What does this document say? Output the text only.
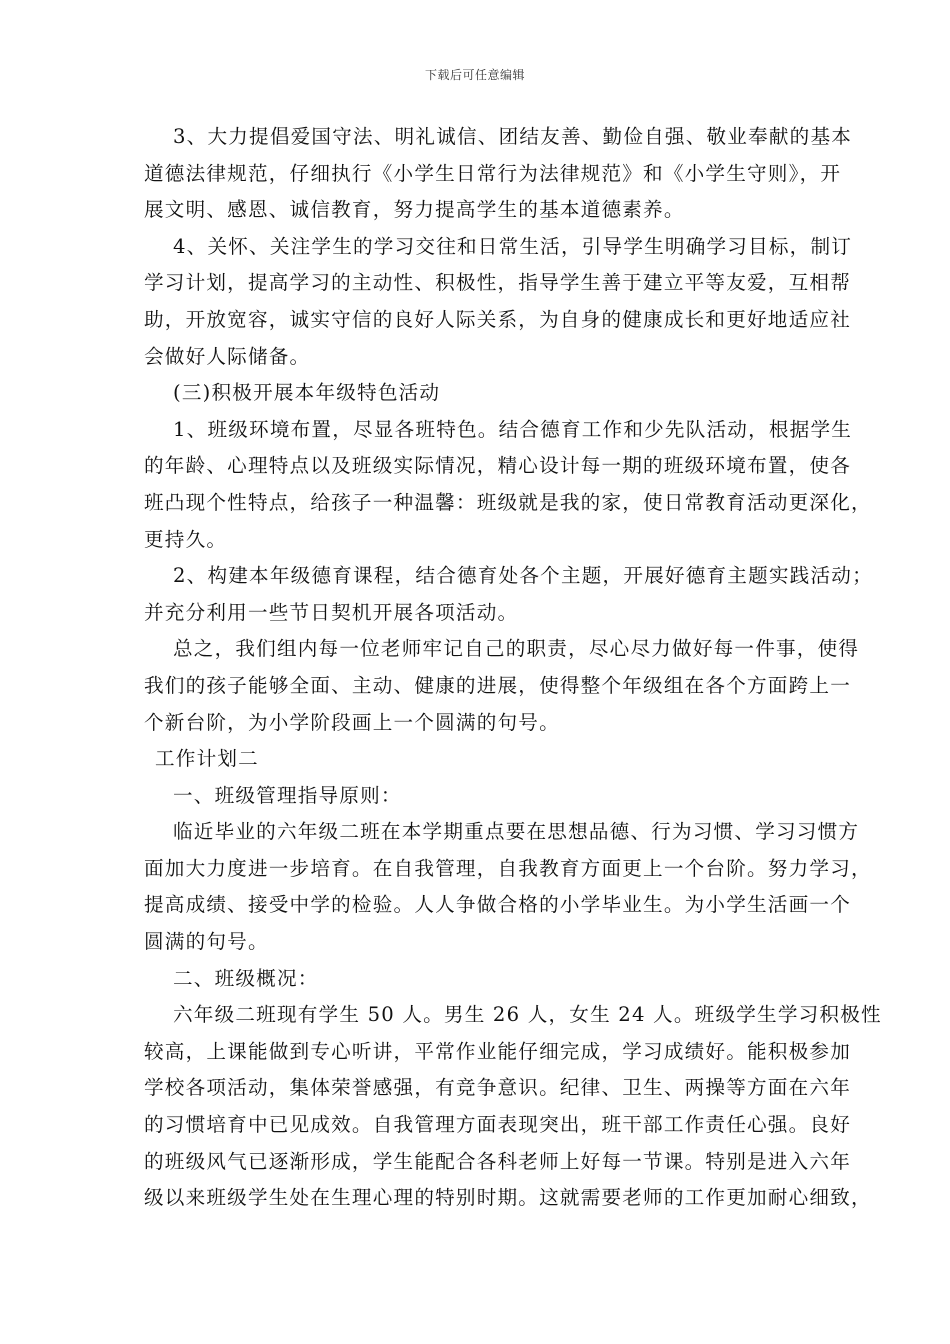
下载后可任意编辑
3、大力提倡爱国守法、明礼诚信、团结友善、勤俭自强、敬业奉献的基本
道德法律规范，仔细执行《小学生日常行为法律规范》和《小学生守则》，开
展文明、感恩、诚信教育，努力提高学生的基本道德素养。
4、关怀、关注学生的学习交往和日常生活，引导学生明确学习目标，制订
学习计划，提高学习的主动性、积极性，指导学生善于建立平等友爱，互相帮
助，开放宽容，诚实守信的良好人际关系，为自身的健康成长和更好地适应社
会做好人际储备。
(三)积极开展本年级特色活动
1、班级环境布置，尽显各班特色。结合德育工作和少先队活动，根据学生
的年龄、心理特点以及班级实际情况，精心设计每一期的班级环境布置，使各
班凸现个性特点，给孩子一种温馨：班级就是我的家，使日常教育活动更深化，
更持久。
2、构建本年级德育课程，结合德育处各个主题，开展好德育主题实践活动；
并充分利用一些节日契机开展各项活动。
总之，我们组内每一位老师牢记自己的职责，尽心尽力做好每一件事，使得
我们的孩子能够全面、主动、健康的进展，使得整个年级组在各个方面跨上一
个新台阶，为小学阶段画上一个圆满的句号。
工作计划二
一、班级管理指导原则：
临近毕业的六年级二班在本学期重点要在思想品德、行为习惯、学习习惯方
面加大力度进一步培育。在自我管理，自我教育方面更上一个台阶。努力学习，
提高成绩、接受中学的检验。人人争做合格的小学毕业生。为小学生活画一个
圆满的句号。
二、班级概况：
六年级二班现有学生 50 人。男生 26 人，女生 24 人。班级学生学习积极性
较高，上课能做到专心听讲，平常作业能仔细完成，学习成绩好。能积极参加
学校各项活动，集体荣誉感强，有竞争意识。纪律、卫生、两操等方面在六年
的习惯培育中已见成效。自我管理方面表现突出，班干部工作责任心强。良好
的班级风气已逐渐形成，学生能配合各科老师上好每一节课。特别是进入六年
级以来班级学生处在生理心理的特别时期。这就需要老师的工作更加耐心细致，
